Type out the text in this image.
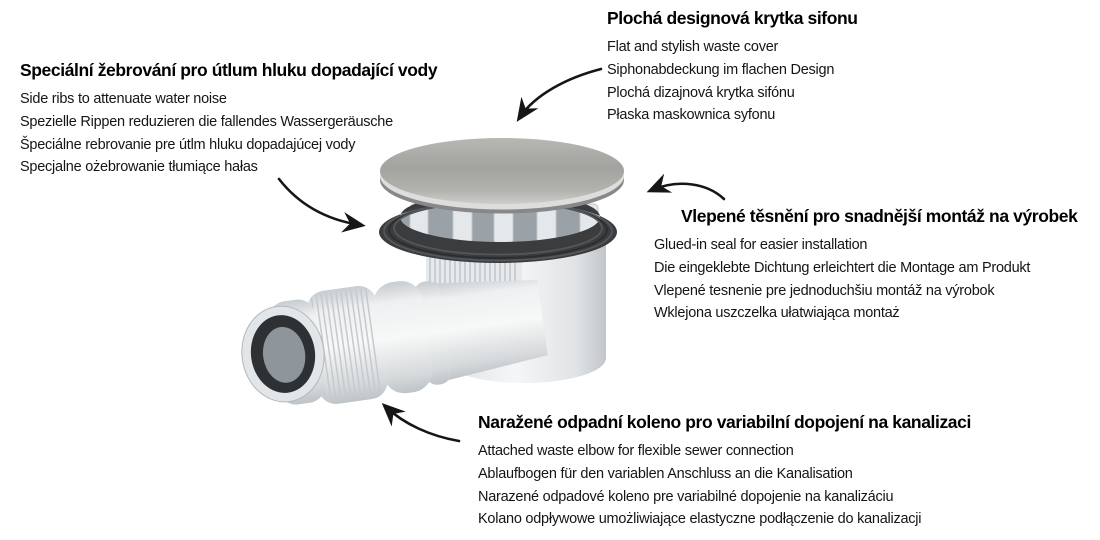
Speciální žebrování pro útlum hluku dopadající vody

Side ribs to attenuate water noise

Spezielle Rippen reduzieren die fallendes Wassergeräusche

Špeciálne rebrovanie pre útlm hluku dopadajúcej vody

Specjalne ożebrowanie tłumiące hałas

Plochá designová krytka sifonu

Flat and stylish waste cover

Siphonabdeckung im flachen Design

Plochá dizajnová krytka sifónu

Płaska maskownica syfonu

Vlepené těsnění pro snadnější montáž na výrobek

Glued-in seal for easier installation

Die eingeklebte Dichtung erleichtert die Montage am Produkt

Vlepené tesnenie pre jednoduchšiu montáž na výrobok

Wklejona uszczelka ułatwiająca montaż

Naražené odpadní koleno pro variabilní dopojení na kanalizaci

Attached waste elbow for flexible sewer connection

Ablaufbogen für den variablen Anschluss an die Kanalisation

Narazené odpadové koleno pre variabilné dopojenie na kanalizáciu

Kolano odpływowe umożliwiające elastyczne podłączenie do kanalizacji
